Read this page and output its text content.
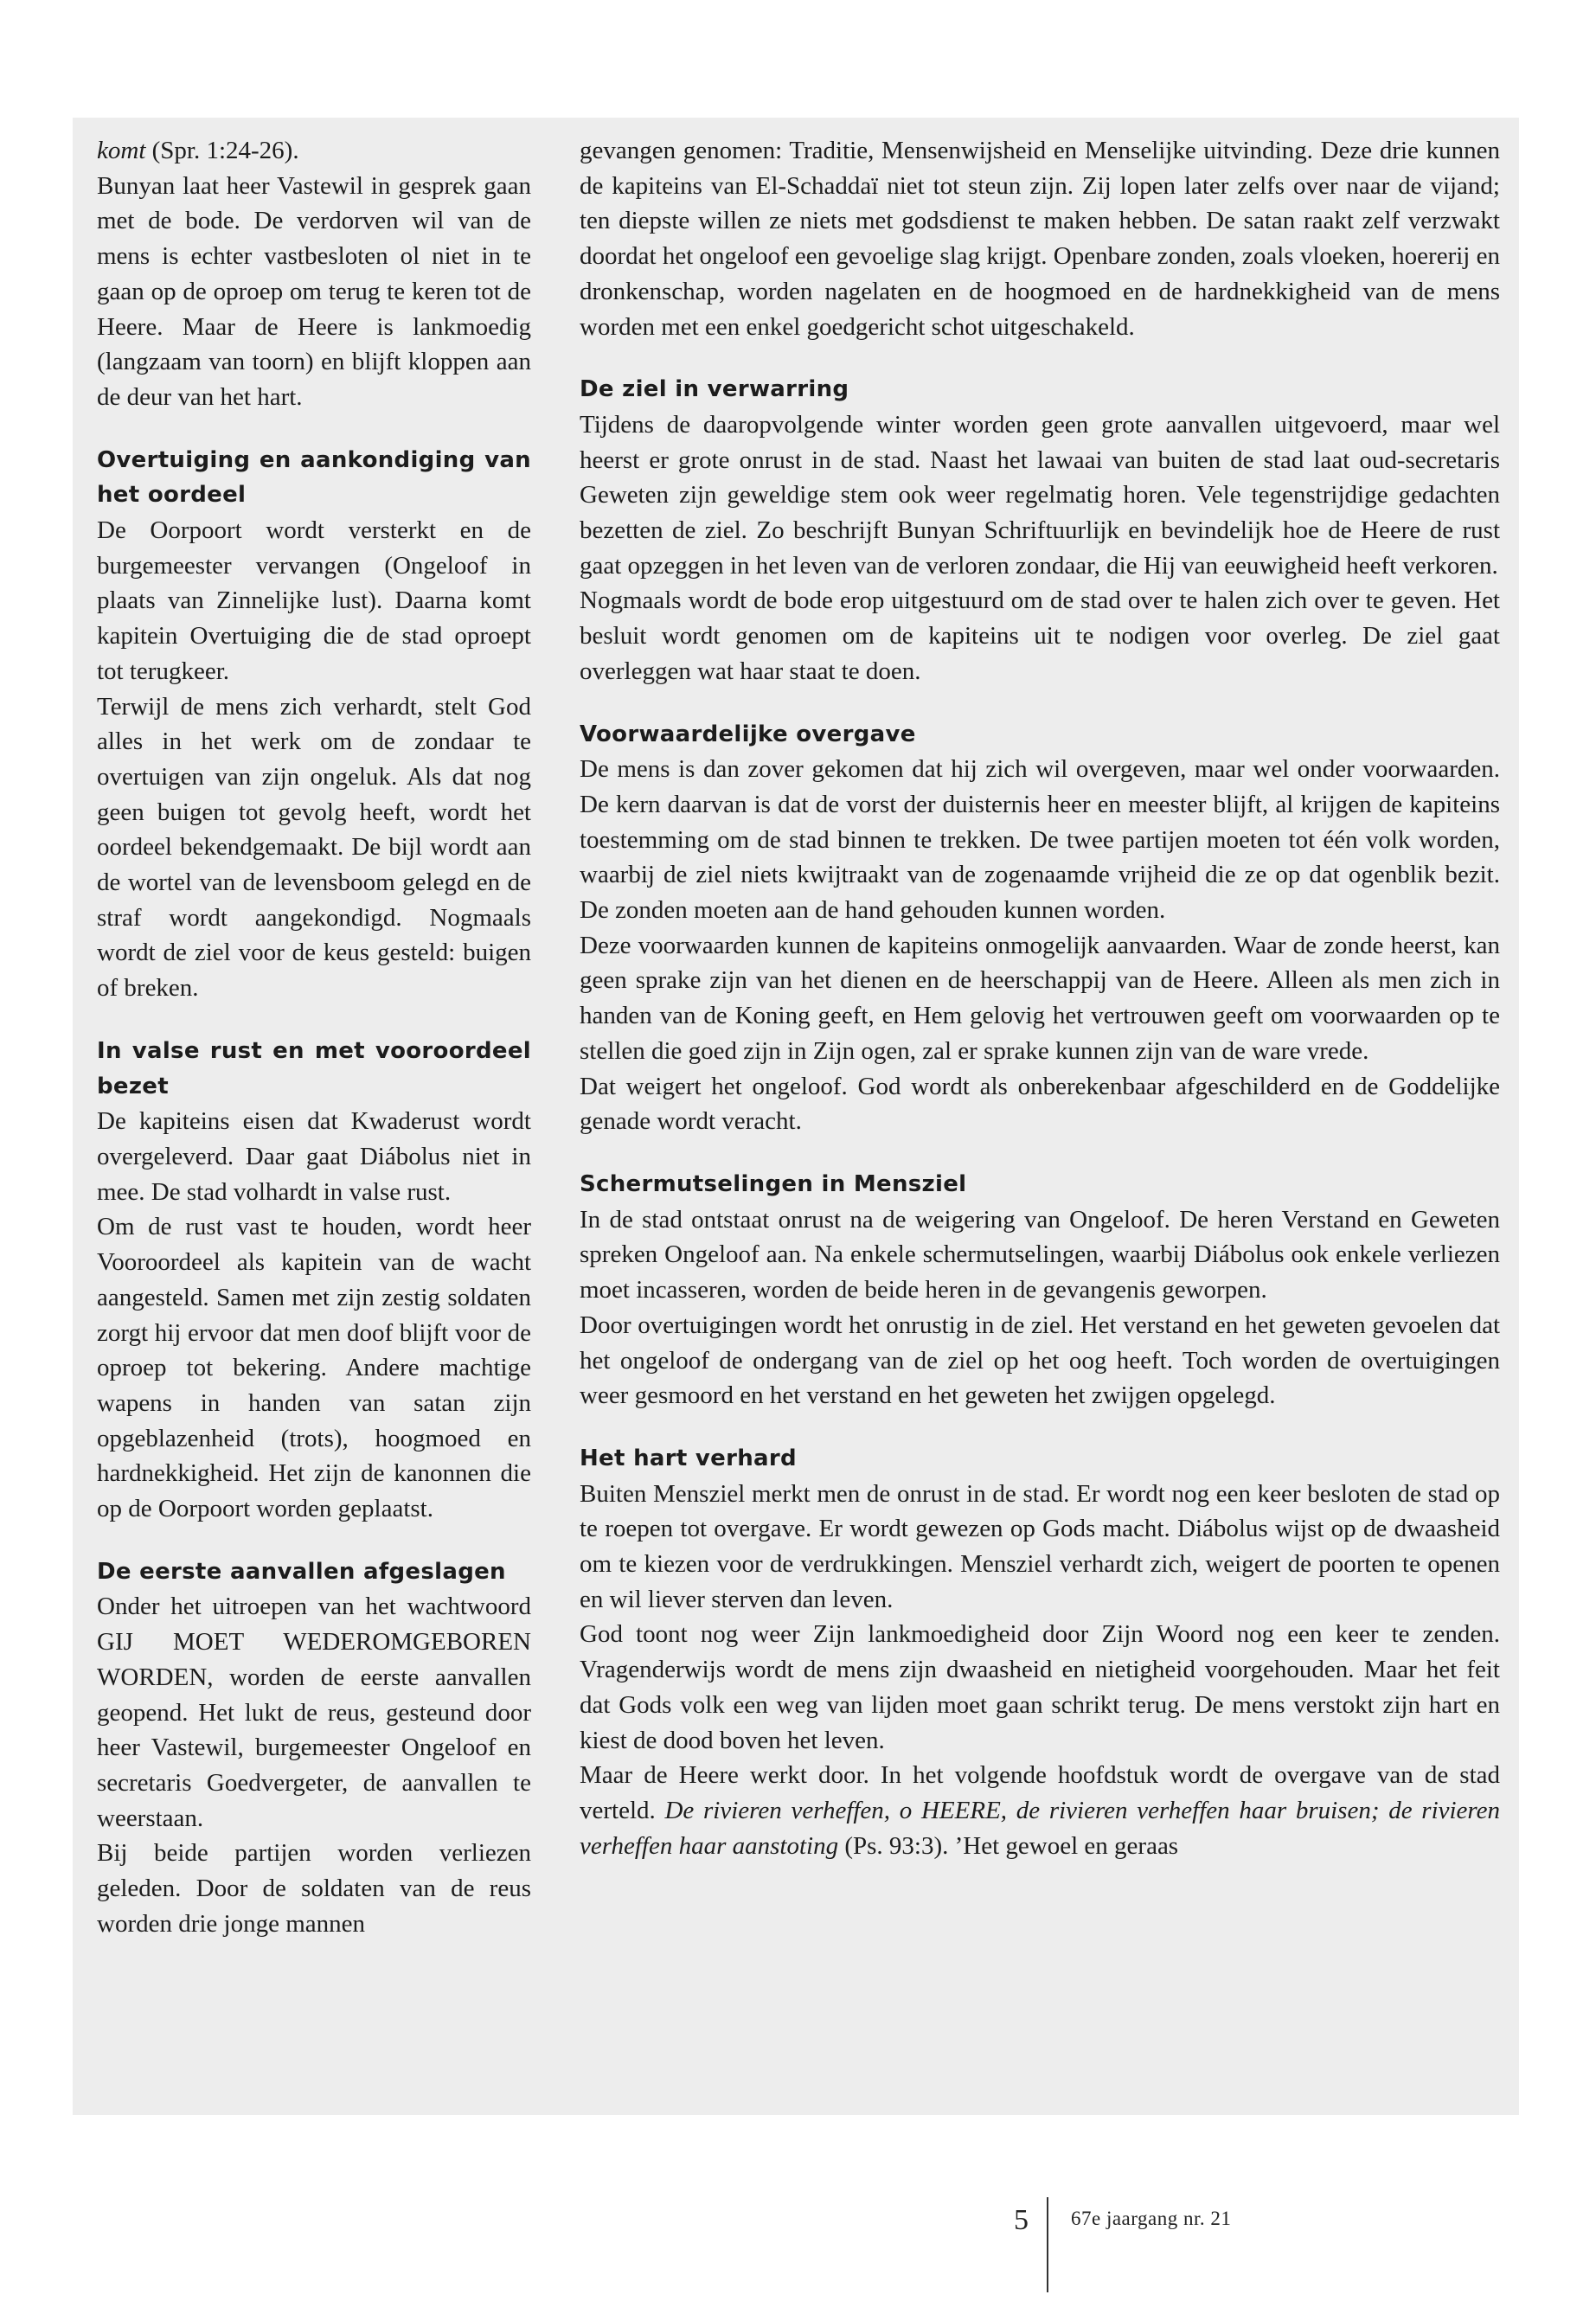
komt (Spr. 1:24-26).

Bunyan laat heer Vastewil in gesprek gaan met de bode. De verdorven wil van de mens is echter vastbesloten ol niet in te gaan op de oproep om terug te keren tot de Heere. Maar de Heere is lankmoedig (langzaam van toorn) en blijft kloppen aan de deur van het hart.

Overtuiging en aankondiging van het oordeel

De Oorpoort wordt versterkt en de burgemeester vervangen (Ongeloof in plaats van Zinnelijke lust). Daarna komt kapitein Overtuiging die de stad oproept tot terugkeer.

Terwijl de mens zich verhardt, stelt God alles in het werk om de zondaar te overtuigen van zijn ongeluk. Als dat nog geen buigen tot gevolg heeft, wordt het oordeel bekendgemaakt. De bijl wordt aan de wortel van de levensboom gelegd en de straf wordt aangekondigd. Nogmaals wordt de ziel voor de keus gesteld: buigen of breken.

In valse rust en met vooroordeel bezet

De kapiteins eisen dat Kwaderust wordt overgeleverd. Daar gaat Diábolus niet in mee. De stad volhardt in valse rust.

Om de rust vast te houden, wordt heer Vooroordeel als kapitein van de wacht aangesteld. Samen met zijn zestig soldaten zorgt hij ervoor dat men doof blijft voor de oproep tot bekering. Andere machtige wapens in handen van satan zijn opgeblazenheid (trots), hoogmoed en hardnekkigheid. Het zijn de kanonnen die op de Oorpoort worden geplaatst.

De eerste aanvallen afgeslagen

Onder het uitroepen van het wachtwoord GIJ MOET WEDEROMGEBOREN WORDEN, worden de eerste aanvallen geopend. Het lukt de reus, gesteund door heer Vastewil, burgemeester Ongeloof en secretaris Goedvergeter, de aanvallen te weerstaan.

Bij beide partijen worden verliezen geleden. Door de soldaten van de reus worden drie jonge mannen

gevangen genomen: Traditie, Mensenwijsheid en Menselijke uitvinding. Deze drie kunnen de kapiteins van El-Schaddaï niet tot steun zijn. Zij lopen later zelfs over naar de vijand; ten diepste willen ze niets met godsdienst te maken hebben. De satan raakt zelf verzwakt doordat het ongeloof een gevoelige slag krijgt. Openbare zonden, zoals vloeken, hoererij en dronkenschap, worden nagelaten en de hoogmoed en de hardnekkigheid van de mens worden met een enkel goedgericht schot uitgeschakeld.

De ziel in verwarring

Tijdens de daaropvolgende winter worden geen grote aanvallen uitgevoerd, maar wel heerst er grote onrust in de stad. Naast het lawaai van buiten de stad laat oud-secretaris Geweten zijn geweldige stem ook weer regelmatig horen. Vele tegenstrijdige gedachten bezetten de ziel. Zo beschrijft Bunyan Schriftuurlijk en bevindelijk hoe de Heere de rust gaat opzeggen in het leven van de verloren zondaar, die Hij van eeuwigheid heeft verkoren.

Nogmaals wordt de bode erop uitgestuurd om de stad over te halen zich over te geven. Het besluit wordt genomen om de kapiteins uit te nodigen voor overleg. De ziel gaat overleggen wat haar staat te doen.

Voorwaardelijke overgave

De mens is dan zover gekomen dat hij zich wil overgeven, maar wel onder voorwaarden. De kern daarvan is dat de vorst der duisternis heer en meester blijft, al krijgen de kapiteins toestemming om de stad binnen te trekken. De twee partijen moeten tot één volk worden, waarbij de ziel niets kwijtraakt van de zogenaamde vrijheid die ze op dat ogenblik bezit. De zonden moeten aan de hand gehouden kunnen worden.

Deze voorwaarden kunnen de kapiteins onmogelijk aanvaarden. Waar de zonde heerst, kan geen sprake zijn van het dienen en de heerschappij van de Heere. Alleen als men zich in handen van de Koning geeft, en Hem gelovig het vertrouwen geeft om voorwaarden op te stellen die goed zijn in Zijn ogen, zal er sprake kunnen zijn van de ware vrede.

Dat weigert het ongeloof. God wordt als onberekenbaar afgeschilderd en de Goddelijke genade wordt veracht.

Schermutselingen in Mensziel

In de stad ontstaat onrust na de weigering van Ongeloof. De heren Verstand en Geweten spreken Ongeloof aan. Na enkele schermutselingen, waarbij Diábolus ook enkele verliezen moet incasseren, worden de beide heren in de gevangenis geworpen.

Door overtuigingen wordt het onrustig in de ziel. Het verstand en het geweten gevoelen dat het ongeloof de ondergang van de ziel op het oog heeft. Toch worden de overtuigingen weer gesmoord en het verstand en het geweten het zwijgen opgelegd.

Het hart verhard

Buiten Mensziel merkt men de onrust in de stad. Er wordt nog een keer besloten de stad op te roepen tot overgave. Er wordt gewezen op Gods macht. Diábolus wijst op de dwaasheid om te kiezen voor de verdrukkingen. Mensziel verhardt zich, weigert de poorten te openen en wil liever sterven dan leven.

God toont nog weer Zijn lankmoedigheid door Zijn Woord nog een keer te zenden. Vragenderwijs wordt de mens zijn dwaasheid en nietigheid voorgehouden. Maar het feit dat Gods volk een weg van lijden moet gaan schrikt terug. De mens verstokt zijn hart en kiest de dood boven het leven.

Maar de Heere werkt door. In het volgende hoofdstuk wordt de overgave van de stad verteld. De rivieren verheffen, o HEERE, de rivieren verheffen haar bruisen; de rivieren verheffen haar aanstoting (Ps. 93:3). ’Het gewoel en geraas

5 67e jaargang nr. 21
